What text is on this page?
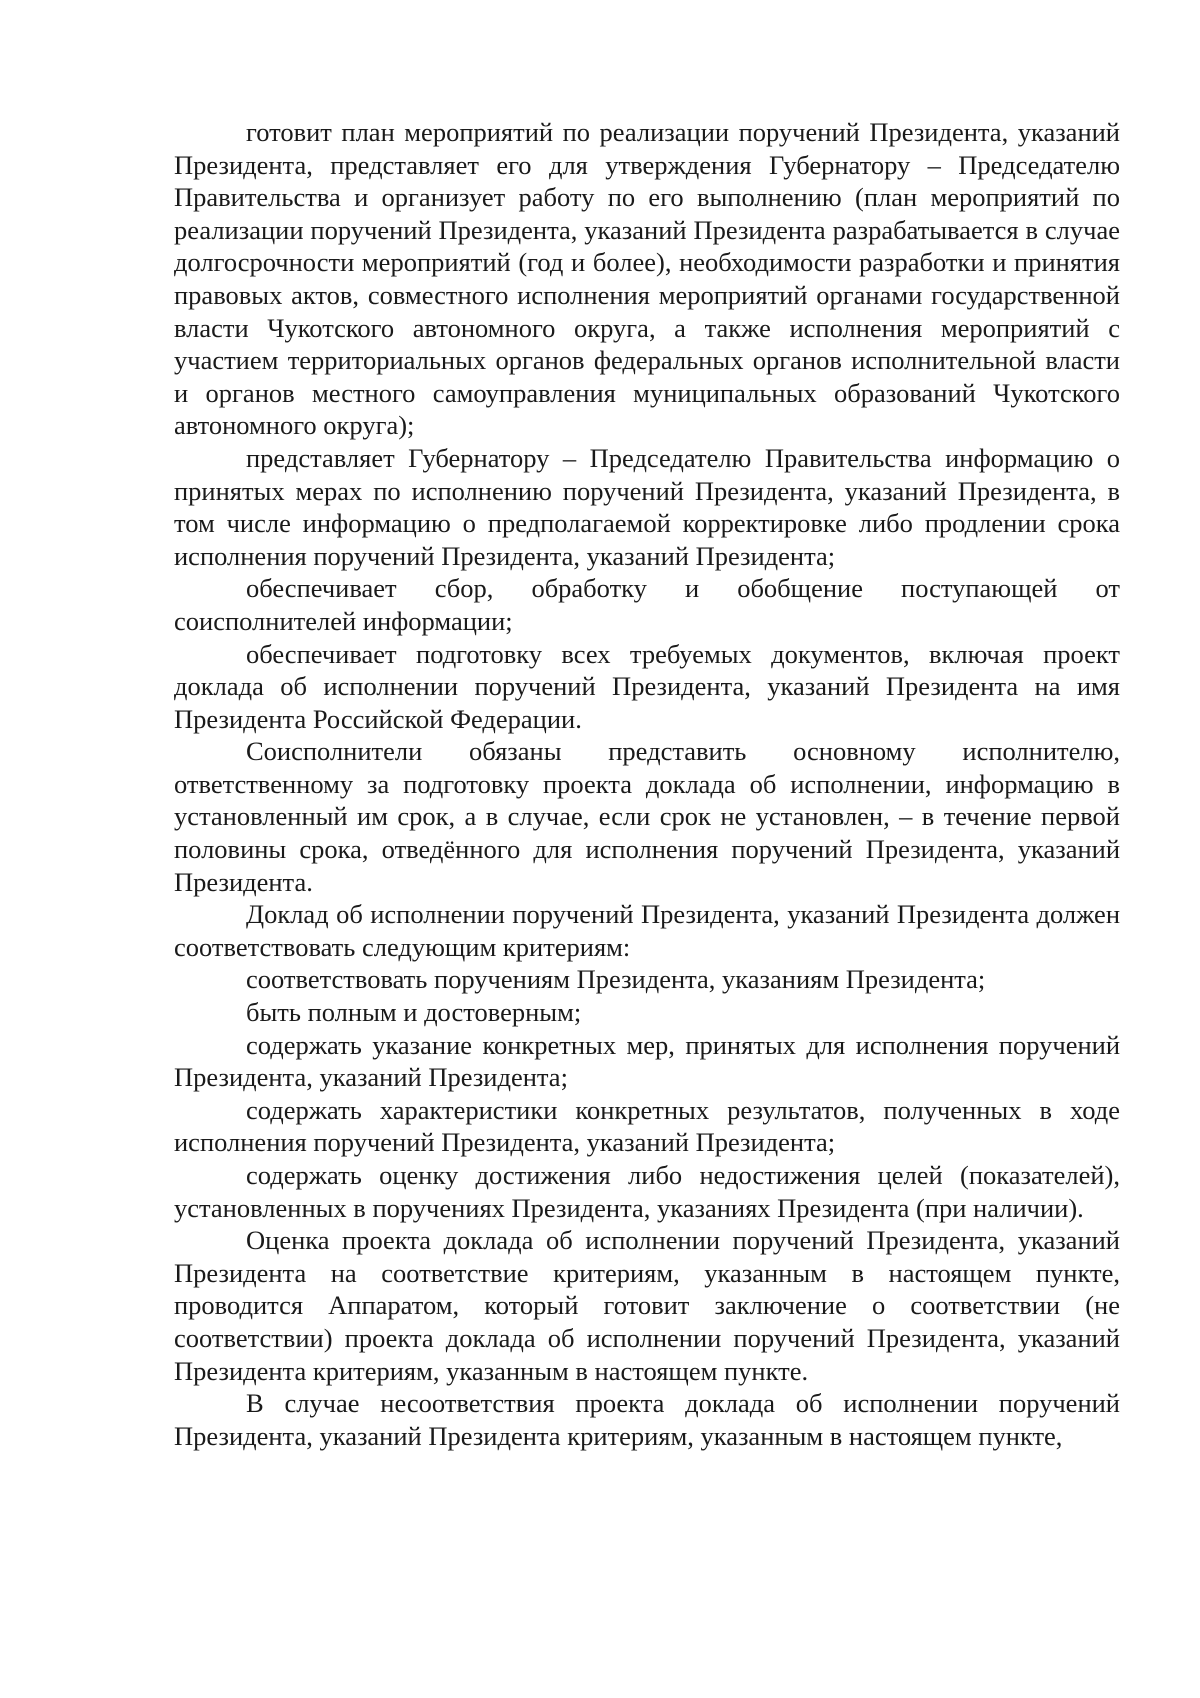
готовит план мероприятий по реализации поручений Президента, указаний Президента, представляет его для утверждения Губернатору – Председателю Правительства и организует работу по его выполнению (план мероприятий по реализации поручений Президента, указаний Президента разрабатывается в случае долгосрочности мероприятий (год и более), необходимости разработки и принятия правовых актов, совместного исполнения мероприятий органами государственной власти Чукотского автономного округа, а также исполнения мероприятий с участием территориальных органов федеральных органов исполнительной власти и органов местного самоуправления муниципальных образований Чукотского автономного округа);

представляет Губернатору – Председателю Правительства информацию о принятых мерах по исполнению поручений Президента, указаний Президента, в том числе информацию о предполагаемой корректировке либо продлении срока исполнения поручений Президента, указаний Президента;

обеспечивает сбор, обработку и обобщение поступающей от соисполнителей информации;

обеспечивает подготовку всех требуемых документов, включая проект доклада об исполнении поручений Президента, указаний Президента на имя Президента Российской Федерации.

Соисполнители обязаны представить основному исполнителю, ответственному за подготовку проекта доклада об исполнении, информацию в установленный им срок, а в случае, если срок не установлен, – в течение первой половины срока, отведённого для исполнения поручений Президента, указаний Президента.

Доклад об исполнении поручений Президента, указаний Президента должен соответствовать следующим критериям:

соответствовать поручениям Президента, указаниям Президента;

быть полным и достоверным;

содержать указание конкретных мер, принятых для исполнения поручений Президента, указаний Президента;

содержать характеристики конкретных результатов, полученных в ходе исполнения поручений Президента, указаний Президента;

содержать оценку достижения либо недостижения целей (показателей), установленных в поручениях Президента, указаниях Президента (при наличии).

Оценка проекта доклада об исполнении поручений Президента, указаний Президента на соответствие критериям, указанным в настоящем пункте, проводится Аппаратом, который готовит заключение о соответствии (не соответствии) проекта доклада об исполнении поручений Президента, указаний Президента критериям, указанным в настоящем пункте.

В случае несоответствия проекта доклада об исполнении поручений Президента, указаний Президента критериям, указанным в настоящем пункте,
